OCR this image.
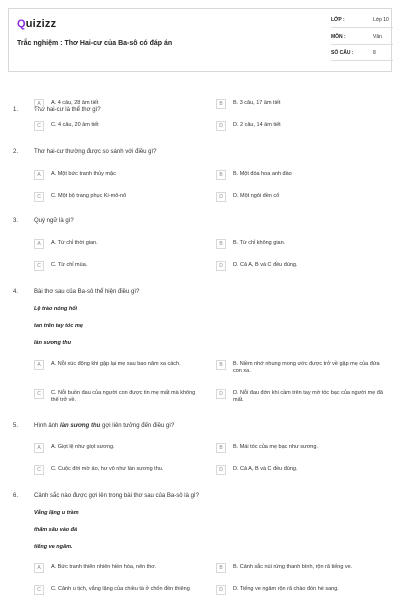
Quizizz
Trắc nghiệm : Thơ Hai-cư của Ba-sô có đáp án
LỚP :	Lớp 10
MÔN :	Văn
SỐ CÂU :	8
1.	Thơ hai-cư là thể thơ gì?
A	A. 4 câu, 28 âm tiết	B	B. 3 câu, 17 âm tiết
C	C. 4 câu, 20 âm tiết	D	D. 2 câu, 14 âm tiết
2.	Thơ hai-cư thường được so sánh với điều gì?
A	A. Một bức tranh thủy mặc	B	B. Một đóa hoa anh đào
C	C. Một bộ trang phục Ki-mô-nô	D	D. Một ngôi đền cổ
3.	Quý ngữ là gì?
A	A. Từ chỉ thời gian.	B	B. Từ chỉ không gian.
C	C. Từ chỉ mùa.	D	D. Cả A, B và C đều đúng.
4.	Bài thơ sau của Ba-sô thể hiện điều gì?
Lệ trào nóng hổi
tan trên tay tóc mẹ
làn sương thu
A	A. Nỗi xúc động khi gặp lại mẹ sau bao năm xa cách.	B	B. Niềm nhớ nhung mong ước được trở về gặp mẹ của đứa con xa.
C	C. Nỗi buồn đau của người con được tin mẹ mất mà không thể trở về.
D	D. Nỗi đau đớn khi cầm trên tay mớ tóc bạc của người mẹ đã mất.
5.	Hình ảnh làn sương thu gợi liên tưởng đến điều gì?
A	A. Giọt lệ như giọt sương.	B	B. Mái tóc của mẹ bạc như sương.
C	C. Cuộc đời mờ ảo, hư vô như làn sương thu.	D	D. Cả A, B và C đều đúng.
6.	Cảnh sắc nào được gợi lên trong bài thơ sau của Ba-sô là gì?
Vắng lặng u trầm
thấm sâu vào đá
tiếng ve ngâm.
A	A. Bức tranh thiên nhiên hiền hòa, nên thơ.	B	B. Cảnh sắc núi rừng thanh bình, rộn rã tiếng ve.
C	C. Cảnh u tịch, vắng lặng của chiều tà ở chốn đền thiêng	D	D. Tiếng ve ngâm rộn rã chào đón hè sang.
